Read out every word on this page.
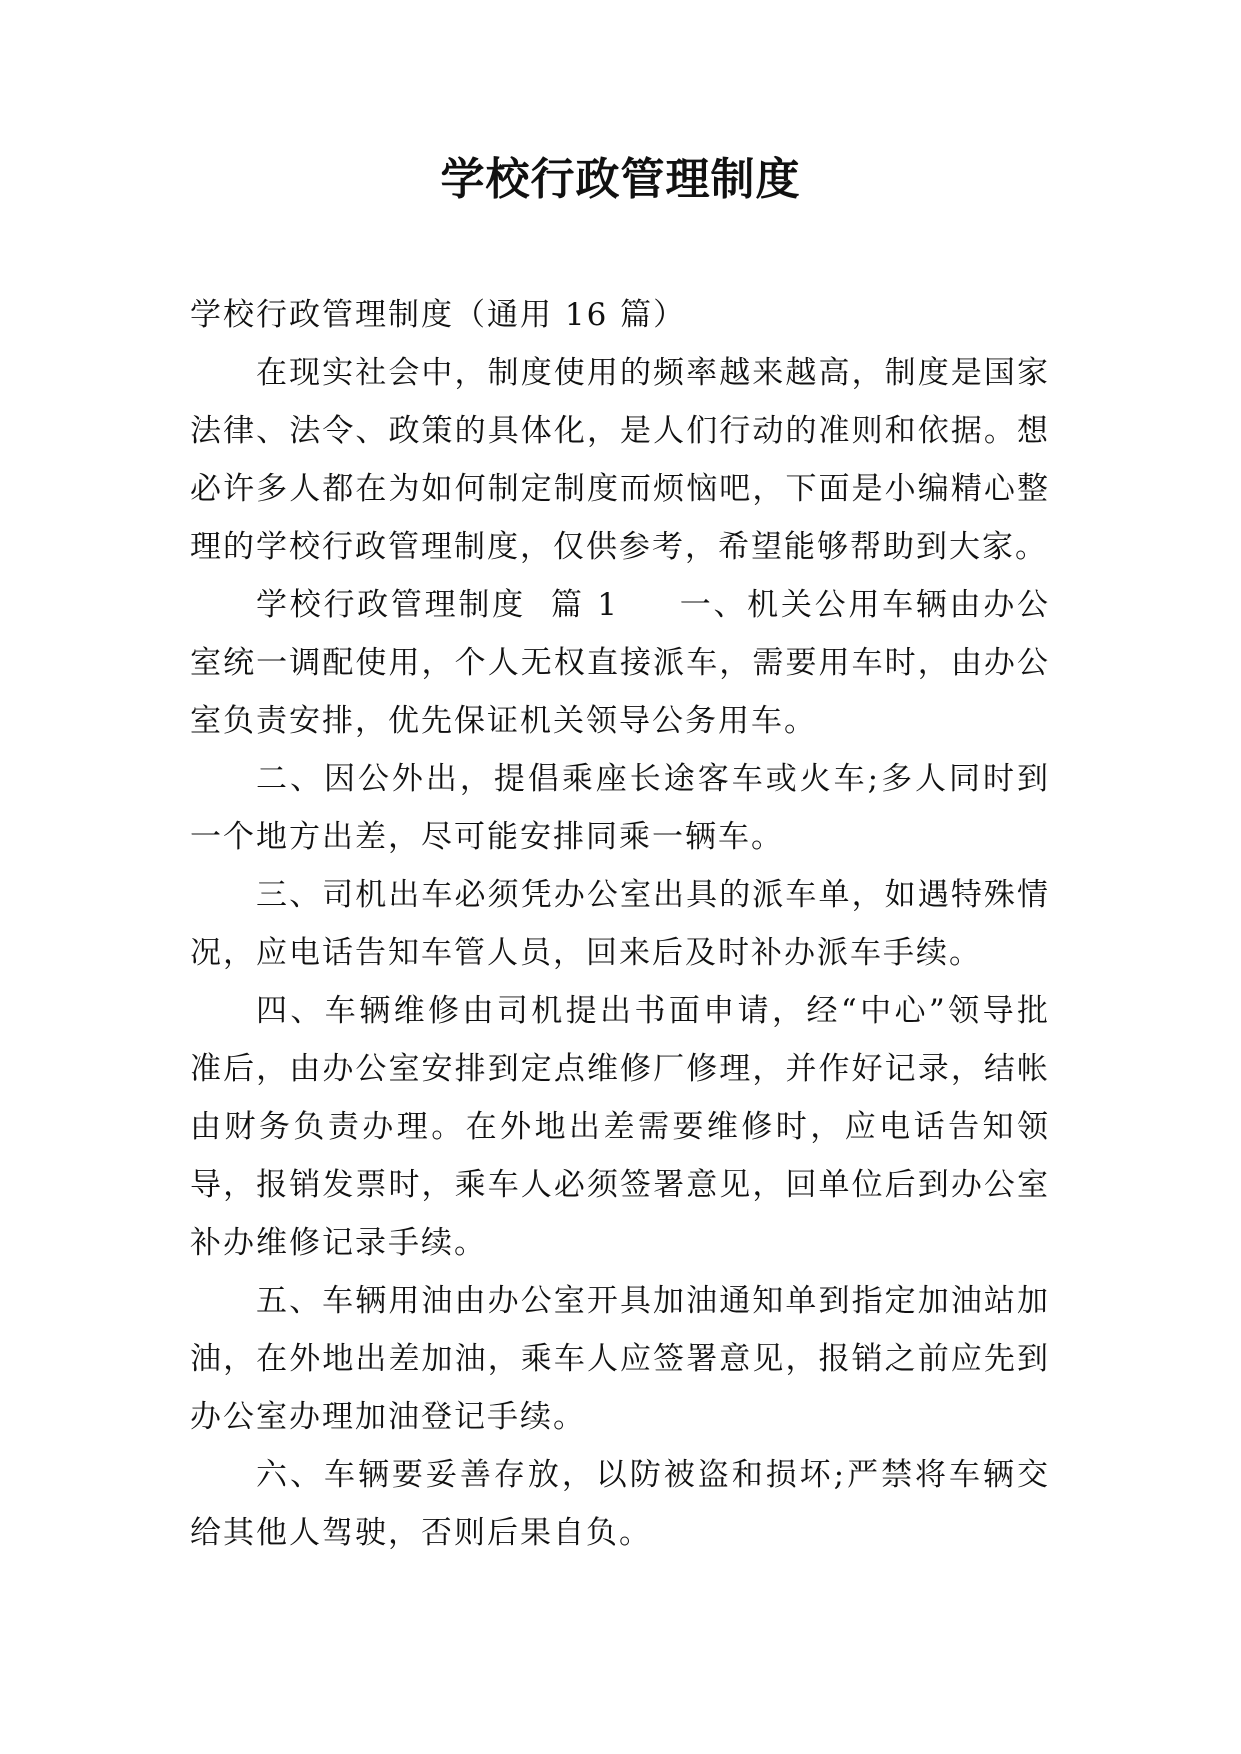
学校行政管理制度

学校行政管理制度（通用 16 篇）

在现实社会中，制度使用的频率越来越高，制度是国家法律、法令、政策的具体化，是人们行动的准则和依据。想必许多人都在为如何制定制度而烦恼吧，下面是小编精心整理的学校行政管理制度，仅供参考，希望能够帮助到大家。

学校行政管理制度  篇 1 一、机关公用车辆由办公室统一调配使用，个人无权直接派车，需要用车时，由办公室负责安排，优先保证机关领导公务用车。

二、因公外出，提倡乘座长途客车或火车;多人同时到一个地方出差，尽可能安排同乘一辆车。

三、司机出车必须凭办公室出具的派车单，如遇特殊情况，应电话告知车管人员，回来后及时补办派车手续。

四、车辆维修由司机提出书面申请，经“中心”领导批准后，由办公室安排到定点维修厂修理，并作好记录，结帐由财务负责办理。在外地出差需要维修时，应电话告知领导，报销发票时，乘车人必须签署意见，回单位后到办公室补办维修记录手续。

五、车辆用油由办公室开具加油通知单到指定加油站加油，在外地出差加油，乘车人应签署意见，报销之前应先到办公室办理加油登记手续。

六、车辆要妥善存放，以防被盗和损坏;严禁将车辆交给其他人驾驶，否则后果自负。
